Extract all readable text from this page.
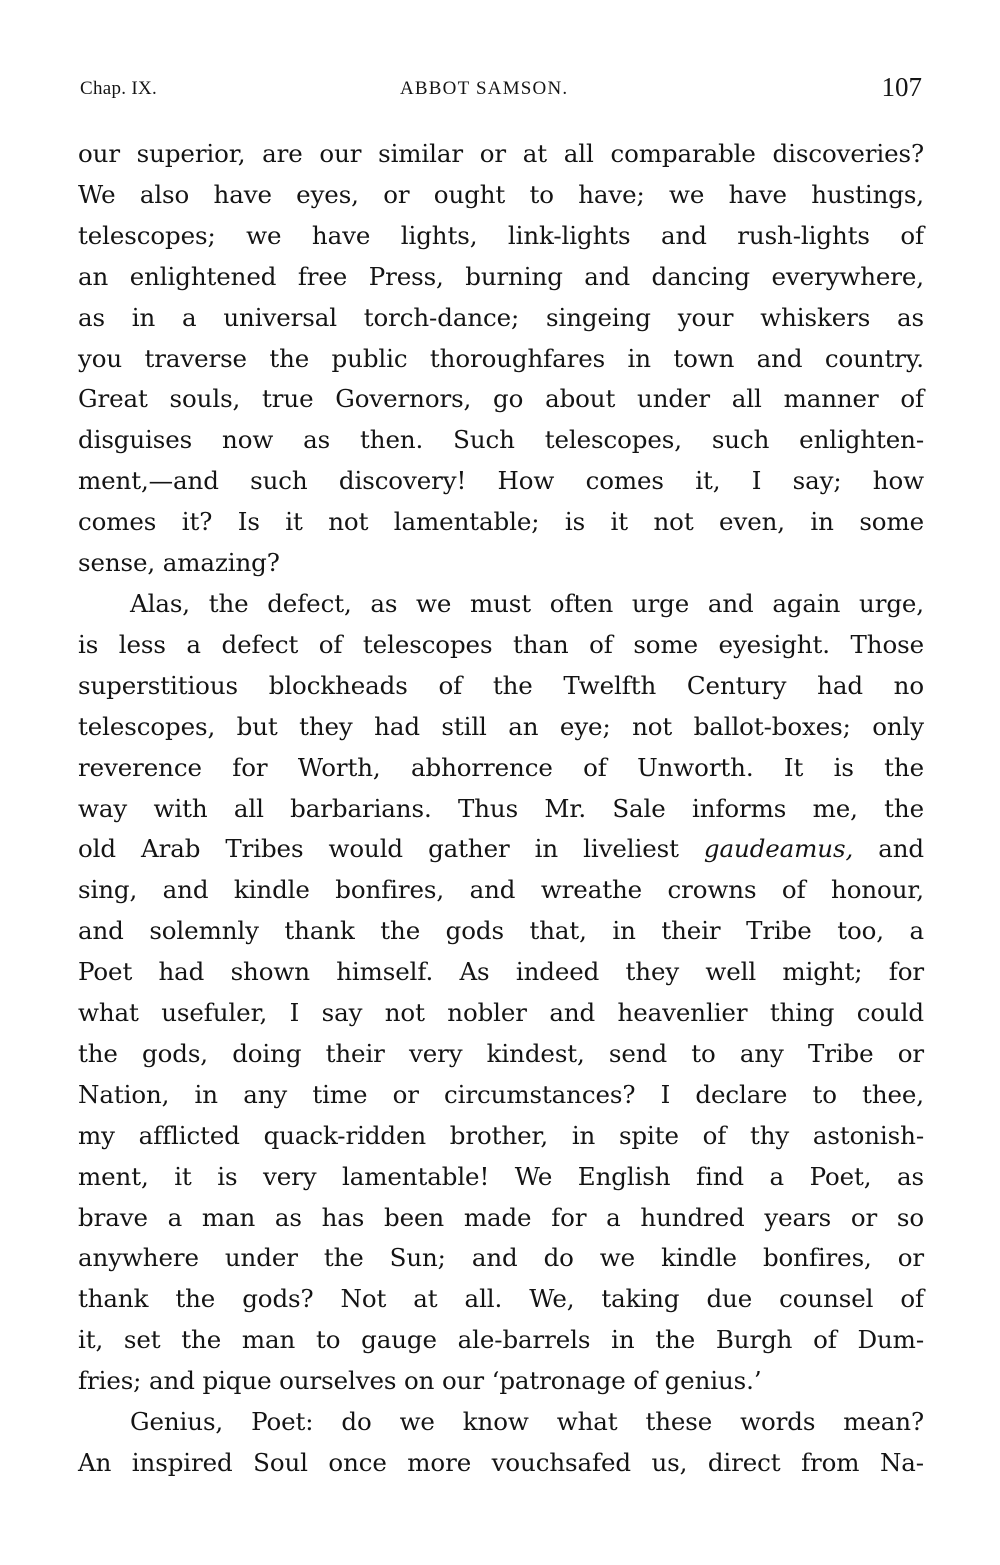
Chap. IX.	ABBOT SAMSON.	107
our superior, are our similar or at all comparable discoveries?
We also have eyes, or ought to have; we have hustings,
telescopes; we have lights, link-lights and rush-lights of
an enlightened free Press, burning and dancing everywhere,
as in a universal torch-dance; singeing your whiskers as
you traverse the public thoroughfares in town and country.
Great souls, true Governors, go about under all manner of
disguises now as then. Such telescopes, such enlighten-
ment,—and such discovery! How comes it, I say; how
comes it? Is it not lamentable; is it not even, in some
sense, amazing?
Alas, the defect, as we must often urge and again urge,
is less a defect of telescopes than of some eyesight. Those
superstitious blockheads of the Twelfth Century had no
telescopes, but they had still an eye; not ballot-boxes; only
reverence for Worth, abhorrence of Unworth. It is the
way with all barbarians. Thus Mr. Sale informs me, the
old Arab Tribes would gather in liveliest gaudeamus, and
sing, and kindle bonfires, and wreathe crowns of honour,
and solemnly thank the gods that, in their Tribe too, a
Poet had shown himself. As indeed they well might; for
what usefuler, I say not nobler and heavenlier thing could
the gods, doing their very kindest, send to any Tribe or
Nation, in any time or circumstances? I declare to thee,
my afflicted quack-ridden brother, in spite of thy astonish-
ment, it is very lamentable! We English find a Poet, as
brave a man as has been made for a hundred years or so
anywhere under the Sun; and do we kindle bonfires, or
thank the gods? Not at all. We, taking due counsel of
it, set the man to gauge ale-barrels in the Burgh of Dum-
fries; and pique ourselves on our ‘patronage of genius.’
Genius, Poet: do we know what these words mean?
An inspired Soul once more vouchsafed us, direct from Na-
